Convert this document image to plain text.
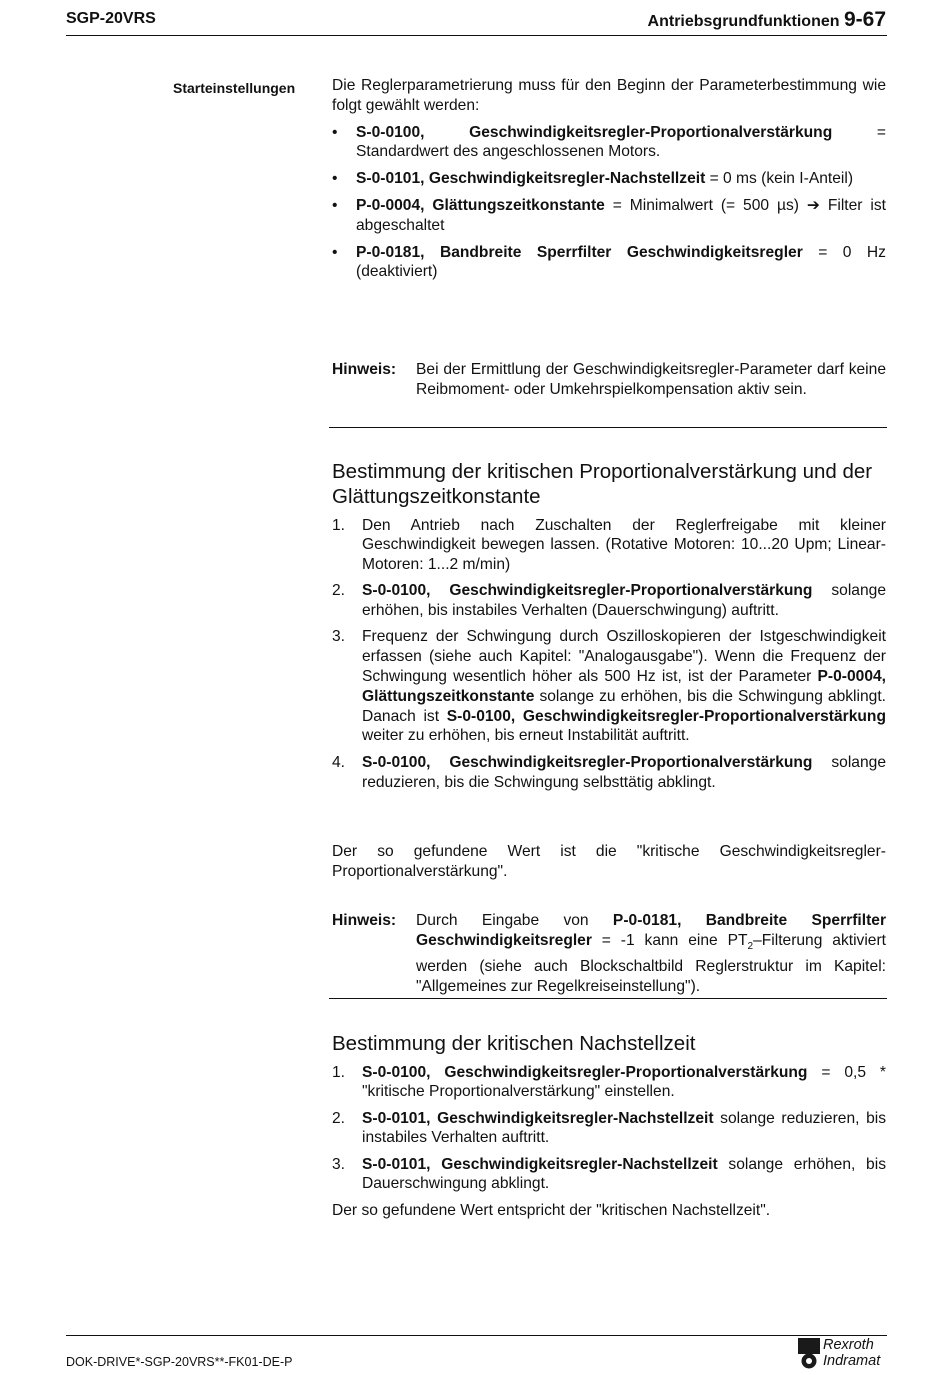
SGP-20VRS	Antriebsgrundfunktionen 9-67
Starteinstellungen Die Reglerparametrierung muss für den Beginn der Parameterbestimmung wie folgt gewählt werden:

• S-0-0100, Geschwindigkeitsregler-Proportionalverstärkung = Standardwert des angeschlossenen Motors.
• S-0-0101, Geschwindigkeitsregler-Nachstellzeit = 0 ms (kein I-Anteil)
• P-0-0004, Glättungszeitkonstante = Minimalwert (= 500 µs) ➔ Filter ist abgeschaltet
• P-0-0181, Bandbreite Sperrfilter Geschwindigkeitsregler = 0 Hz (deaktiviert)
Hinweis:	Bei der Ermittlung der Geschwindigkeitsregler-Parameter darf keine Reibmoment- oder Umkehrspielkompensation aktiv sein.
Bestimmung der kritischen Proportionalverstärkung und der Glättungszeitkonstante
1. Den Antrieb nach Zuschalten der Reglerfreigabe mit kleiner Geschwindigkeit bewegen lassen. (Rotative Motoren: 10...20 Upm; Linear-Motoren: 1...2 m/min)
2. S-0-0100, Geschwindigkeitsregler-Proportionalverstärkung solange erhöhen, bis instabiles Verhalten (Dauerschwingung) auftritt.
3. Frequenz der Schwingung durch Oszilloskopieren der Istgeschwindigkeit erfassen (siehe auch Kapitel: "Analogausgabe"). Wenn die Frequenz der Schwingung wesentlich höher als 500 Hz ist, ist der Parameter P-0-0004, Glättungszeitkonstante solange zu erhöhen, bis die Schwingung abklingt. Danach ist S-0-0100, Geschwindigkeitsregler-Proportionalverstärkung weiter zu erhöhen, bis erneut Instabilität auftritt.
4. S-0-0100, Geschwindigkeitsregler-Proportionalverstärkung solange reduzieren, bis die Schwingung selbsttätig abklingt.
Der so gefundene Wert ist die "kritische Geschwindigkeitsregler-Proportionalverstärkung".
Hinweis:	Durch Eingabe von P-0-0181, Bandbreite Sperrfilter Geschwindigkeitsregler = -1 kann eine $PT_2$–Filterung aktiviert werden (siehe auch Blockschaltbild Reglerstruktur im Kapitel: "Allgemeines zur Regelkreiseinstellung").
Bestimmung der kritischen Nachstellzeit
1. S-0-0100, Geschwindigkeitsregler-Proportionalverstärkung = 0,5 * "kritische Proportionalverstärkung" einstellen.
2. S-0-0101, Geschwindigkeitsregler-Nachstellzeit solange reduzieren, bis instabiles Verhalten auftritt.
3. S-0-0101, Geschwindigkeitsregler-Nachstellzeit solange erhöhen, bis Dauerschwingung abklingt.

Der so gefundene Wert entspricht der "kritischen Nachstellzeit".

DOK-DRIVE*-SGP-20VRS**-FK01-DE-P
Rexroth
Indramat
